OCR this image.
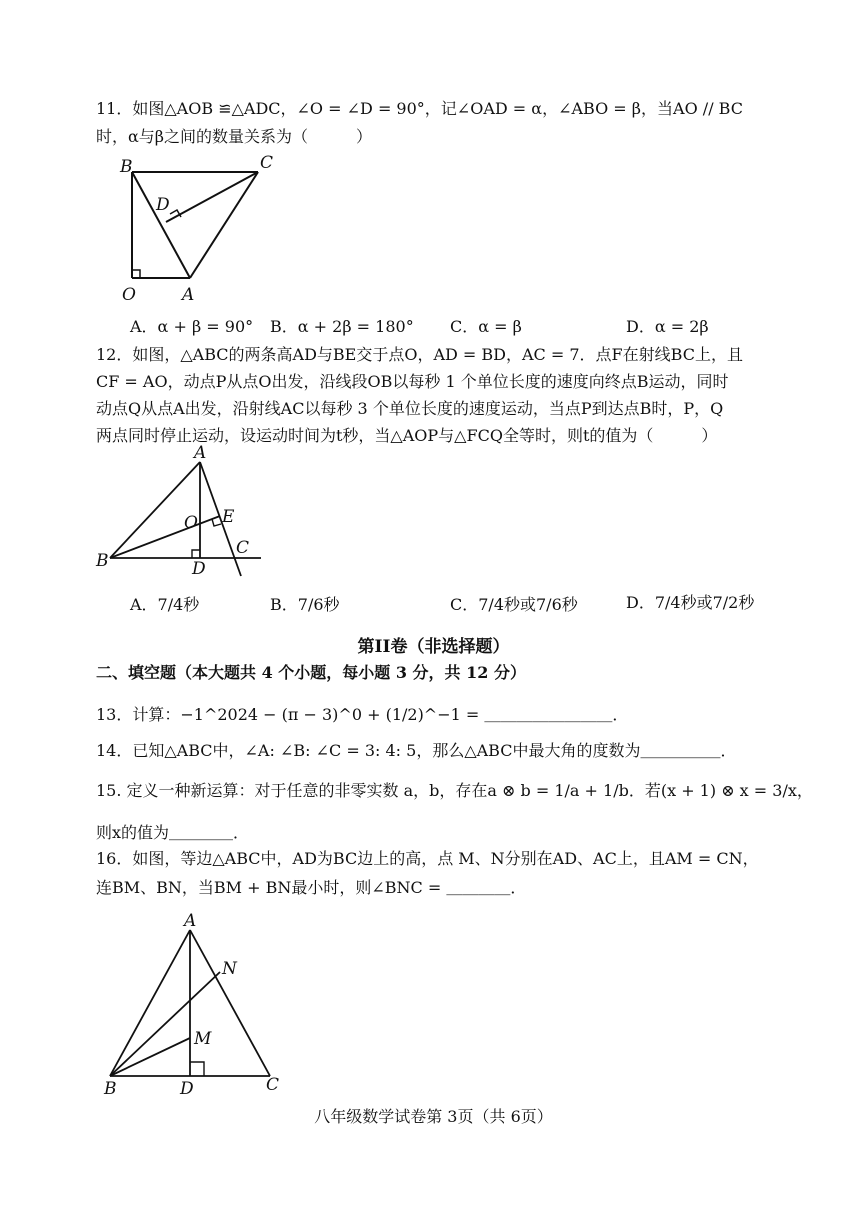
11．如图△AOB ≌△ADC，∠O = ∠D = 90°，记∠OAD = α，∠ABO = β，当AO // BC
时，α与β之间的数量关系为（　　　）
B	C
D
O	A
A．α + β = 90° B．α + 2β = 180° C．α = β	D．α = 2β
12．如图，△ABC的两条高AD与BE交于点O，AD = BD，AC = 7．点F在射线BC上，且
CF = AO，动点P从点O出发，沿线段OB以每秒 1 个单位长度的速度向终点B运动，同时
动点Q从点A出发，沿射线AC以每秒 3 个单位长度的速度运动，当点P到达点B时，P，Q
两点同时停止运动，设运动时间为t秒，当△AOP与△FCQ全等时，则t的值为（　　　）
A
O E
B
C
D
A．7/4秒	B．7/6秒	C．7/4秒或7/6秒	D．7/4秒或7/2秒
第II卷（非选择题）
二、填空题（本大题共 4 个小题，每小题 3 分，共 12 分）
13．计算：−1^2024 − (π − 3)^0 + (1/2)^−1 = ＿＿＿＿＿＿＿＿．
14．已知△ABC中，∠A: ∠B: ∠C = 3: 4: 5，那么△ABC中最大角的度数为＿＿＿＿＿．
15. 定义一种新运算：对于任意的非零实数 a，b，存在a ⊗ b = 1/a + 1/b．若(x + 1) ⊗ x = 3/x，
则x的值为＿＿＿＿．
16．如图，等边△ABC中，AD为BC边上的高，点 M、N分别在AD、AC上，且AM = CN，
连BM、BN，当BM + BN最小时，则∠BNC = ＿＿＿＿．
A
N
M
B	D	C
八年级数学试卷第 3页（共 6页）
